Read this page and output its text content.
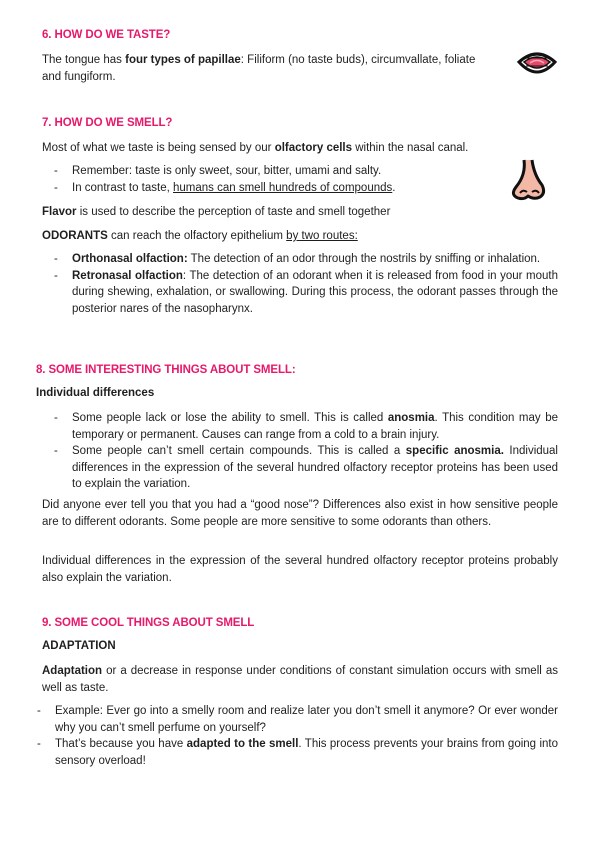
6. HOW DO WE TASTE?

The tongue has four types of papillae: Filiform (no taste buds), circumvallate, foliate and fungiform.

7. HOW DO WE SMELL?

Most of what we taste is being sensed by our olfactory cells within the nasal canal.

- Remember: taste is only sweet, sour, bitter, umami and salty.
- In contrast to taste, humans can smell hundreds of compounds.

Flavor is used to describe the perception of taste and smell together

ODORANTS can reach the olfactory epithelium by two routes:

- Orthonasal olfaction: The detection of an odor through the nostrils by sniffing or inhalation.
- Retronasal olfaction: The detection of an odorant when it is released from food in your mouth during shewing, exhalation, or swallowing. During this process, the odorant passes through the posterior nares of the nasopharynx.
8. SOME INTERESTING THINGS ABOUT SMELL:
Individual differences
- Some people lack or lose the ability to smell. This is called anosmia. This condition may be temporary or permanent. Causes can range from a cold to a brain injury.
- Some people can’t smell certain compounds. This is called a specific anosmia. Individual differences in the expression of the several hundred olfactory receptor proteins has been used to explain the variation.

Did anyone ever tell you that you had a “good nose”? Differences also exist in how sensitive people are to different odorants. Some people are more sensitive to some odorants than others.

Individual differences in the expression of the several hundred olfactory receptor proteins probably also explain the variation.

9. SOME COOL THINGS ABOUT SMELL
ADAPTATION

Adaptation or a decrease in response under conditions of constant simulation occurs with smell as well as taste.

- Example: Ever go into a smelly room and realize later you don’t smell it anymore? Or ever wonder why you can’t smell perfume on yourself?
- That’s because you have adapted to the smell. This process prevents your brains from going into sensory overload!
